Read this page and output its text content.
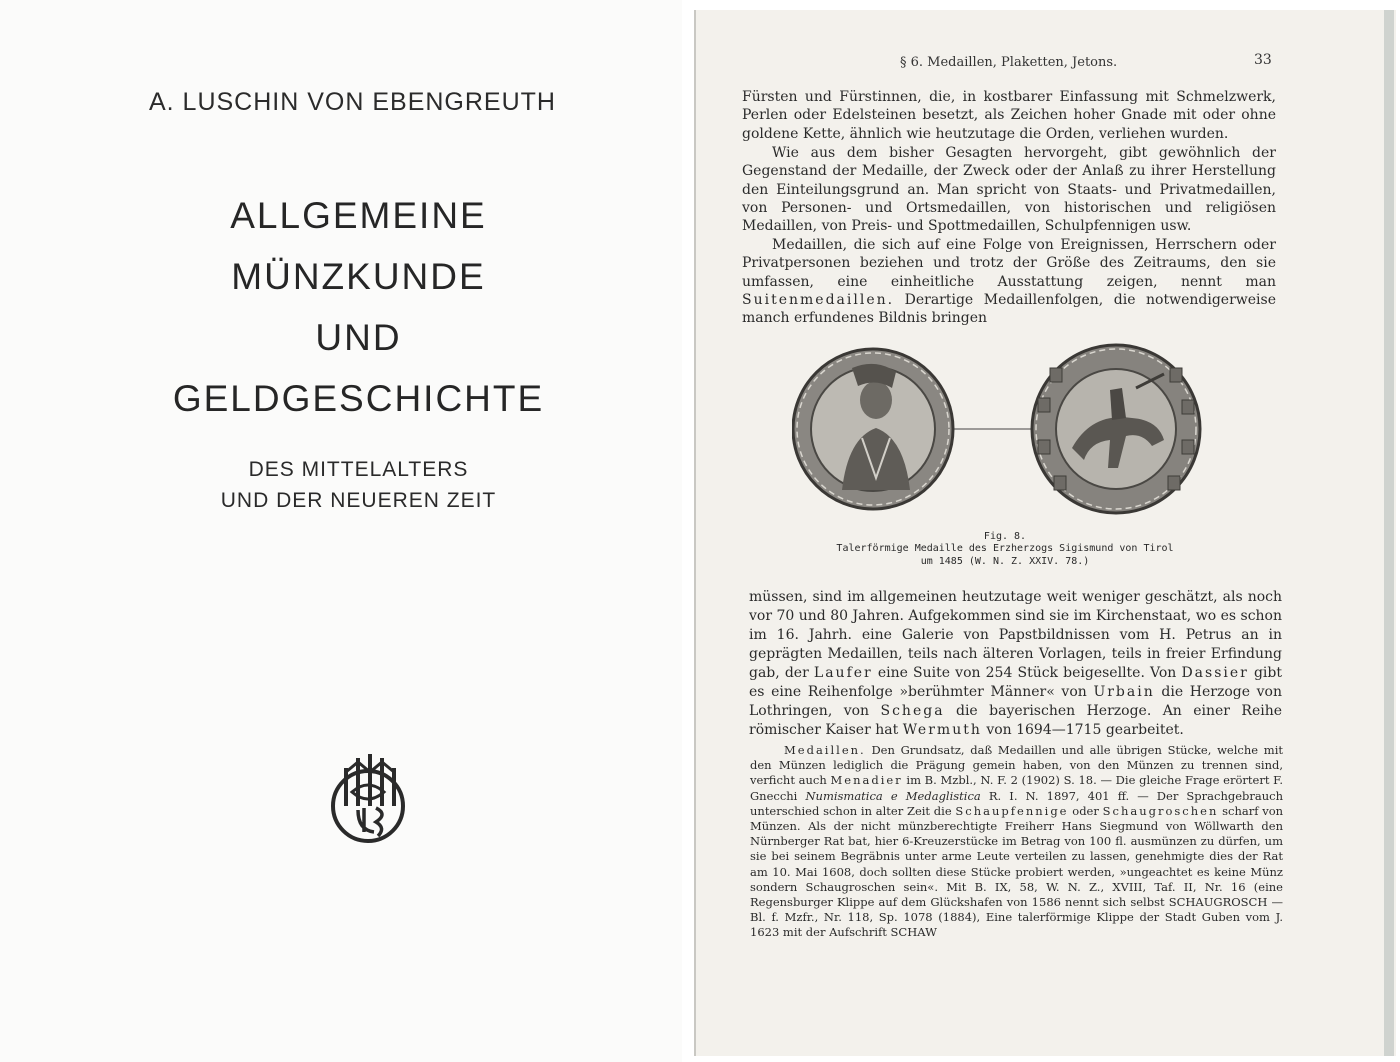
A. LUSCHIN VON EBENGREUTH
ALLGEMEINE
MÜNZKUNDE
UND
GELDGESCHICHTE
DES MITTELALTERS
UND DER NEUEREN ZEIT
§ 6. Medaillen, Plaketten, Jetons.	33
Fürsten und Fürstinnen, die, in kostbarer Einfassung mit Schmelzwerk, Perlen oder Edelsteinen besetzt, als Zeichen hoher Gnade mit oder ohne goldene Kette, ähnlich wie heutzutage die Orden, verliehen wurden.
Wie aus dem bisher Gesagten hervorgeht, gibt gewöhnlich der Gegenstand der Medaille, der Zweck oder der Anlaß zu ihrer Herstellung den Einteilungsgrund an. Man spricht von Staats- und Privatmedaillen, von Personen- und Ortsmedaillen, von historischen und religiösen Medaillen, von Preis- und Spottmedaillen, Schulpfennigen usw.
Medaillen, die sich auf eine Folge von Ereignissen, Herrschern oder Privatpersonen beziehen und trotz der Größe des Zeitraums, den sie umfassen, eine einheitliche Ausstattung zeigen, nennt man Suitenmedaillen. Derartige Medaillenfolgen, die notwendigerweise manch erfundenes Bildnis bringen
Fig. 8.
Talerförmige Medaille des Erzherzogs Sigismund von Tirol
um 1485 (W. N. Z. XXIV. 78.)
müssen, sind im allgemeinen heutzutage weit weniger geschätzt, als noch vor 70 und 80 Jahren. Aufgekommen sind sie im Kirchenstaat, wo es schon im 16. Jahrh. eine Galerie von Papstbildnissen vom H. Petrus an in geprägten Medaillen, teils nach älteren Vorlagen, teils in freier Erfindung gab, der Laufer eine Suite von 254 Stück beigesellte. Von Dassier gibt es eine Reihenfolge »berühmter Männer« von Urbain die Herzoge von Lothringen, von Schega die bayerischen Herzoge. An einer Reihe römischer Kaiser hat Wermuth von 1694—1715 gearbeitet.
Medaillen. Den Grundsatz, daß Medaillen und alle übrigen Stücke, welche mit den Münzen lediglich die Prägung gemein haben, von den Münzen zu trennen sind, verficht auch Menadier im B. Mzbl., N. F. 2 (1902) S. 18. — Die gleiche Frage erörtert F. Gnecchi Numismatica e Medaglistica R. I. N. 1897, 401 ff. — Der Sprachgebrauch unterschied schon in alter Zeit die Schaupfennige oder Schaugroschen scharf von Münzen. Als der nicht münzberechtigte Freiherr Hans Siegmund von Wöllwarth den Nürnberger Rat bat, hier 6-Kreuzerstücke im Betrag von 100 fl. ausmünzen zu dürfen, um sie bei seinem Begräbnis unter arme Leute verteilen zu lassen, genehmigte dies der Rat am 10. Mai 1608, doch sollten diese Stücke probiert werden, »ungeachtet es keine Münz sondern Schaugroschen sein«. Mit B. IX, 58, W. N. Z., XVIII, Taf. II, Nr. 16 (eine Regensburger Klippe auf dem Glückshafen von 1586 nennt sich selbst SCHAUGROSCH — Bl. f. Mzfr., Nr. 118, Sp. 1078 (1884), Eine talerförmige Klippe der Stadt Guben vom J. 1623 mit der Aufschrift SCHAW
